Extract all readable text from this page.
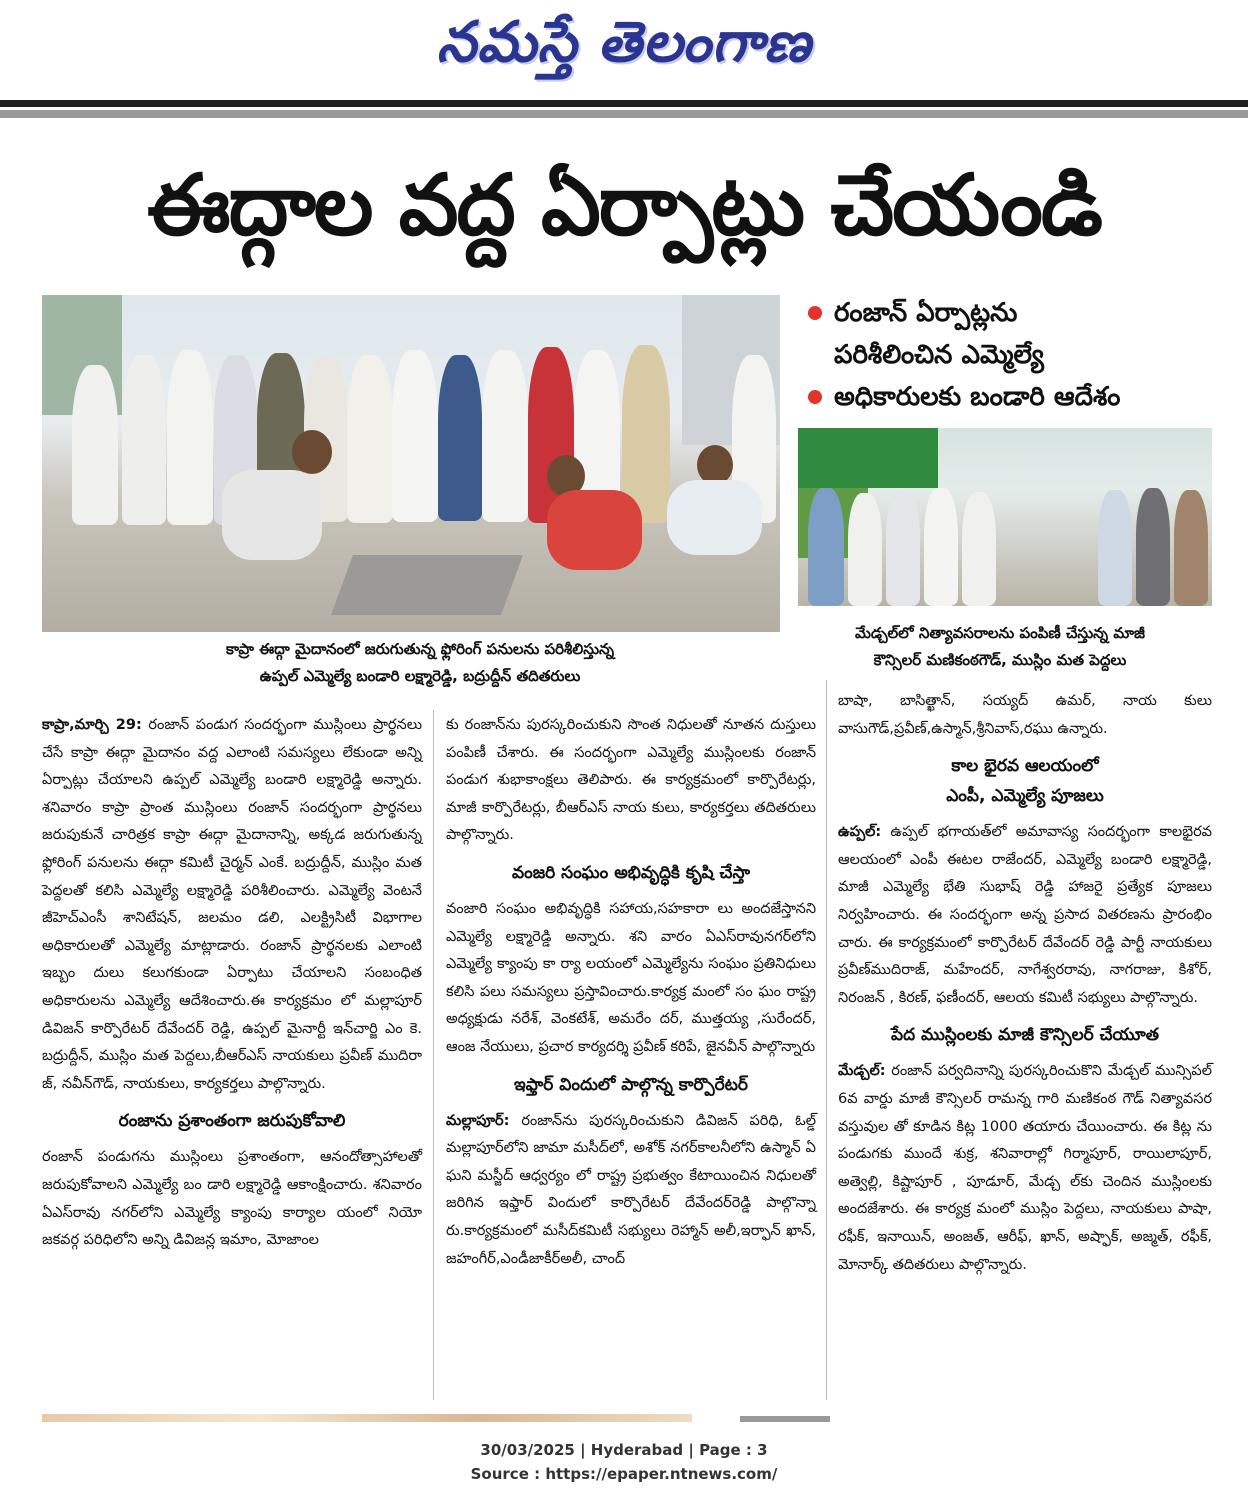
నమస్తే తెలంగాణ
ఈద్గాల వద్ద ఏర్పాట్లు చేయండి
రంజాన్ ఏర్పాట్లను
పరిశీలించిన ఎమ్మెల్యే
అధికారులకు బండారి ఆదేశం
కాప్రా ఈద్గా మైదానంలో జరుగుతున్న ఫ్లోరింగ్ పనులను పరిశీలిస్తున్న
ఉప్పల్ ఎమ్మెల్యే బండారి లక్ష్మారెడ్డి, బద్రుద్దీన్ తదితరులు
మేడ్చల్‌లో నిత్యావసరాలను పంపిణీ చేస్తున్న మాజీ
కౌన్సిలర్ మణికంఠగౌడ్, ముస్లిం మత పెద్దలు

కాప్రా,మార్చి 29: రంజాన్ పండుగ సందర్భంగా ముస్లింలు ప్రార్థనలు చేసే కాప్రా ఈద్గా మైదానం వద్ద ఎలాంటి సమస్యలు లేకుండా అన్ని ఏర్పాట్లు చేయాలని ఉప్పల్ ఎమ్మెల్యే బండారి లక్ష్మారెడ్డి అన్నారు. శనివారం కాప్రా ప్రాంత ముస్లింలు రంజాన్ సందర్భంగా ప్రార్థనలు జరుపుకునే చారిత్రక కాప్రా ఈద్గా మైదానాన్ని, అక్కడ జరుగుతున్న ఫ్లోరింగ్ పనులను ఈద్గా కమిటీ చైర్మన్ ఎంకే. బద్రుద్దీన్, ముస్లిం మత పెద్దలతో కలిసి ఎమ్మెల్యే లక్ష్మారెడ్డి పరిశీలించారు. ఎమ్మెల్యే వెంటనే జీహెచ్‌ఎంసీ శానిటేషన్, జలమం డలి, ఎలక్ట్రిసిటీ విభాగాల అధికారులతో ఎమ్మెల్యే మాట్లాడారు. రంజాన్ ప్రార్థనలకు ఎలాంటి ఇబ్బం దులు కలుగకుండా ఏర్పాటు చేయాలని సంబంధిత అధికారులను ఎమ్మెల్యే ఆదేశించారు.ఈ కార్యక్రమం లో మల్లాపూర్ డివిజన్ కార్పొరేటర్ దేవేందర్ రెడ్డి, ఉప్పల్ మైనార్టీ ఇన్‌చార్జి ఎం కె. బద్రుద్దీన్, ముస్లిం మత పెద్దలు,బీఆర్‌ఎస్ నాయకులు ప్రవీణ్ ముదిరా జ్, నవీన్‌గౌడ్, నాయకులు, కార్యకర్తలు పాల్గొన్నారు.

రంజాను ప్రశాంతంగా జరుపుకోవాలి

రంజాన్ పండుగను ముస్లింలు ప్రశాంతంగా, ఆనందోత్సాహాలతో జరుపుకోవాలని ఎమ్మెల్యే బం డారి లక్ష్మారెడ్డి ఆకాంక్షించారు. శనివారం ఏఎస్‌రావు నగర్‌లోని ఎమ్మెల్యే క్యాంపు కార్యాల యంలో నియో జకవర్గ పరిధిలోని అన్ని డివిజన్ల ఇమాం, మోజాంల

కు రంజాన్‌ను పురస్కరించుకుని సొంత నిధులతో నూతన దుస్తులు పంపిణీ చేశారు. ఈ సందర్భంగా ఎమ్మెల్యే ముస్లింలకు రంజాన్ పండుగ శుభాకాంక్షలు తెలిపారు. ఈ కార్యక్రమంలో కార్పొరేటర్లు, మాజీ కార్పొరేటర్లు, బీఆర్‌ఎస్ నాయ కులు, కార్యకర్తలు తదితరులు పాల్గొన్నారు.

వంజరి సంఘం అభివృద్ధికి కృషి చేస్తా

వంజారి సంఘం అభివృద్ధికి సహాయ,సహకారా లు అందజేస్తానని ఎమ్మెల్యే లక్ష్మారెడ్డి అన్నారు. శని వారం ఏఎస్‌రావునగర్‌లోని ఎమ్మెల్యే క్యాంపు కా ర్యా లయంలో ఎమ్మెల్యేను సంఘం ప్రతినిధులు కలిసి పలు సమస్యలు ప్రస్తావించారు.కార్యక్ర మంలో సం ఘం రాష్ట్ర అధ్యక్షుడు నరేశ్, వెంకటేశ్, అమరేం దర్, ముత్తయ్య ,సురేందర్, ఆంజ నేయులు, ప్రచార కార్యదర్శి ప్రవీణ్ కరిపే, జైనవీన్ పాల్గొన్నారు

ఇఫ్తార్ విందులో పాల్గొన్న కార్పొరేటర్

మల్లాపూర్: రంజాన్‌ను పురస్కరించుకుని డివిజన్ పరిధి, ఓల్డ్ మల్లాపూర్‌లోని జామా మసీద్‌లో, అశోక్ నగర్‌కాలనీలోని ఉస్మాన్ ఏ ఘని మస్జీద్ ఆధ్వర్యం లో రాష్ట్ర ప్రభుత్వం కేటాయించిన నిధులతో జరిగిన ఇఫ్తార్ విందులో కార్పొరేటర్ దేవేందర్‌రెడ్డి పాల్గొన్నా రు.కార్యక్రమంలో మసీద్‌కమిటీ సభ్యులు రెహ్మాన్ అలీ,ఇర్ఫాన్ ఖాన్, జహంగీర్,ఎండీజాకీర్‌అలీ, చాంద్

బాషా, బాసిత్ఖాన్, సయ్యద్ ఉమర్, నాయ కులు వాసుగౌడ్,ప్రవీణ్,ఉస్మాన్,శ్రీనివాస్,రఘు ఉన్నారు.

కాల భైరవ ఆలయంలో

ఎంపీ, ఎమ్మెల్యే పూజలు

ఉప్పల్: ఉప్పల్ భగాయత్‌లో అమావాస్య సందర్భంగా కాలభైరవ ఆలయంలో ఎంపీ ఈటల రాజేందర్, ఎమ్మెల్యే బండారి లక్ష్మారెడ్డి, మాజీ ఎమ్మెల్యే భేతి సుభాష్ రెడ్డి హాజరై ప్రత్యేక పూజలు నిర్వహించారు. ఈ సందర్భంగా అన్న ప్రసాద వితరణను ప్రారంభిం చారు. ఈ కార్యక్రమంలో కార్పొరేటర్ దేవేందర్ రెడ్డి పార్టీ నాయకులు ప్రవీణ్‌ముదిరాజ్, మహేందర్, నాగేశ్వరరావు, నాగరాజు, కిశోర్, నిరంజన్ , కిరణ్, ఫణీందర్, ఆలయ కమిటీ సభ్యులు పాల్గొన్నారు.

పేద ముస్లింలకు మాజీ కౌన్సిలర్ చేయూత

మేడ్చల్: రంజాన్ పర్వదినాన్ని పురస్కరించుకొని మేడ్చల్ మున్సిపల్ 6వ వార్డు మాజీ కౌన్సిలర్ రామన్న గారి మణికంఠ గౌడ్ నిత్యావసర వస్తువుల తో కూడిన కిట్ల 1000 తయారు చేయించారు. ఈ కిట్ల ను పండుగకు ముందే శుక్ర, శనివారాల్లో గిర్మాపూర్, రాయిలాపూర్, అత్వెల్లి, కిష్టాపూర్ , పూడూర్, మేడ్చ ల్‌కు చెందిన ముస్లింలకు అందజేశారు. ఈ కార్యక్ర మంలో ముస్లిం పెద్దలు, నాయకులు పాషా, రఫీక్, ఇనాయిన్, అంజత్, ఆరీఫ్, ఖాన్, అష్ఫాక్, అజ్మత్, రఫీక్, మోనార్క్ తదితరులు పాల్గొన్నారు.

30/03/2025 | Hyderabad | Page : 3
Source : https://epaper.ntnews.com/
